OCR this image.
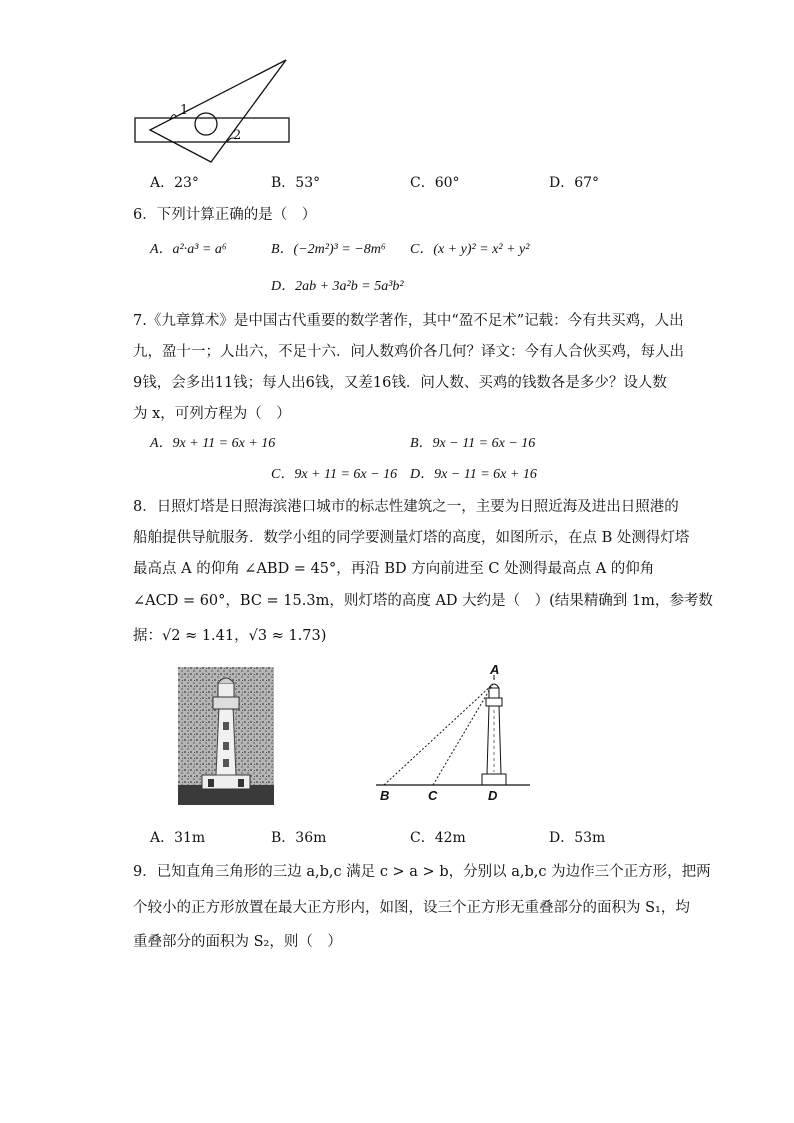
1
2
A．23°	B．53°	C．60°	D．67°
6．下列计算正确的是（　）
A．a²·a³ = a⁶	B．(−2m²)³ = −8m⁶ C．(x + y)² = x² + y²
D．2ab + 3a²b = 5a³b²
7.《九章算术》是中国古代重要的数学著作，其中“盈不足术”记载：今有共买鸡，人出
九，盈十一；人出六，不足十六．问人数鸡价各几何？译文：今有人合伙买鸡，每人出
9钱，会多出11钱；每人出6钱，又差16钱．问人数、买鸡的钱数各是多少？设人数
为 x，可列方程为（　）
A．9x + 11 = 6x + 16	B．9x − 11 = 6x − 16
C．9x + 11 = 6x − 16 D．9x − 11 = 6x + 16
8．日照灯塔是日照海滨港口城市的标志性建筑之一，主要为日照近海及进出日照港的
船舶提供导航服务．数学小组的同学要测量灯塔的高度，如图所示，在点 B 处测得灯塔
最高点 A 的仰角 ∠ABD = 45°，再沿 BD 方向前进至 C 处测得最高点 A 的仰角
∠ACD = 60°，BC = 15.3m，则灯塔的高度 AD 大约是（　）(结果精确到 1m，参考数
据：√2 ≈ 1.41，√3 ≈ 1.73)
A
B	C	D
A．31m	B．36m	C．42m	D．53m
9．已知直角三角形的三边 a,b,c 满足 c > a > b，分别以 a,b,c 为边作三个正方形，把两
个较小的正方形放置在最大正方形内，如图，设三个正方形无重叠部分的面积为 S₁，均
重叠部分的面积为 S₂，则（　）
